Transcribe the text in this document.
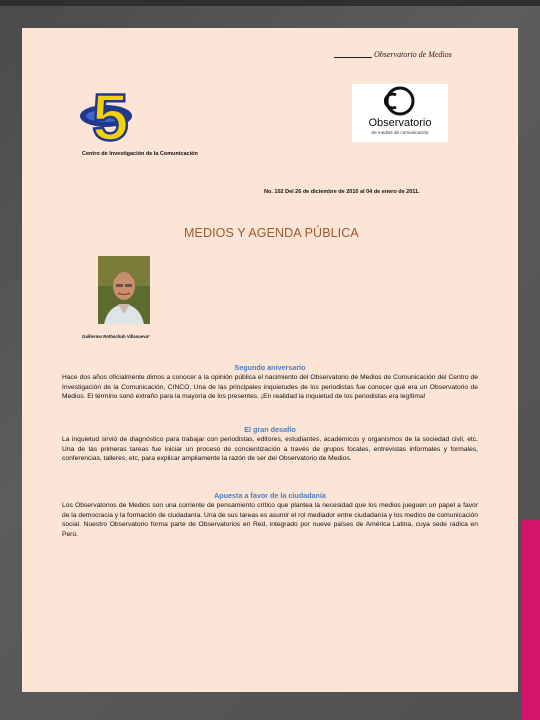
Observatorio de Medios
5	Observatorio
de medios de comunicación
Centro de Investigación de la Comunicación
No. 102 Del 26 de diciembre de 2010 al 04 de enero de 2011.
MEDIOS Y AGENDA PÚBLICA
Guillermo Rothschuh Villanueva*
Segundo aniversario
Hace dos años oficialmente dimos a conocer a la opinión pública el nacimiento del Observatorio de Medios de Comunicación del Centro de Investigación de la Comunicación, CINCO. Una de las principales inquietudes de los periodistas fue conocer qué era un Observatorio de Medios. El término sonó extraño para la mayoría de los presentes. ¡En realidad la inquietud de los periodistas era legítima!
El gran desafío
La inquietud sirvió de diagnóstico para trabajar con periodistas, editores, estudiantes, académicos y organismos de la sociedad civil, etc. Una de las primeras tareas fue iniciar un proceso de concientización a través de grupos focales, entrevistas informales y formales, conferencias, talleres, etc, para explicar ampliamente la razón de ser del Observatorio de Medios.
Apuesta a favor de la ciudadanía
Los Observatorios de Medios son una corriente de pensamiento crítico que plantea la necesidad que los medios jueguen un papel a favor de la democracia y la formación de ciudadanía. Una de sus tareas es asumir el rol mediador entre ciudadanía y los medios de comunicación social. Nuestro Observatorio forma parte de Observatorios en Red, integrado por nueve países de América Latina, cuya sede radica en Perú.
